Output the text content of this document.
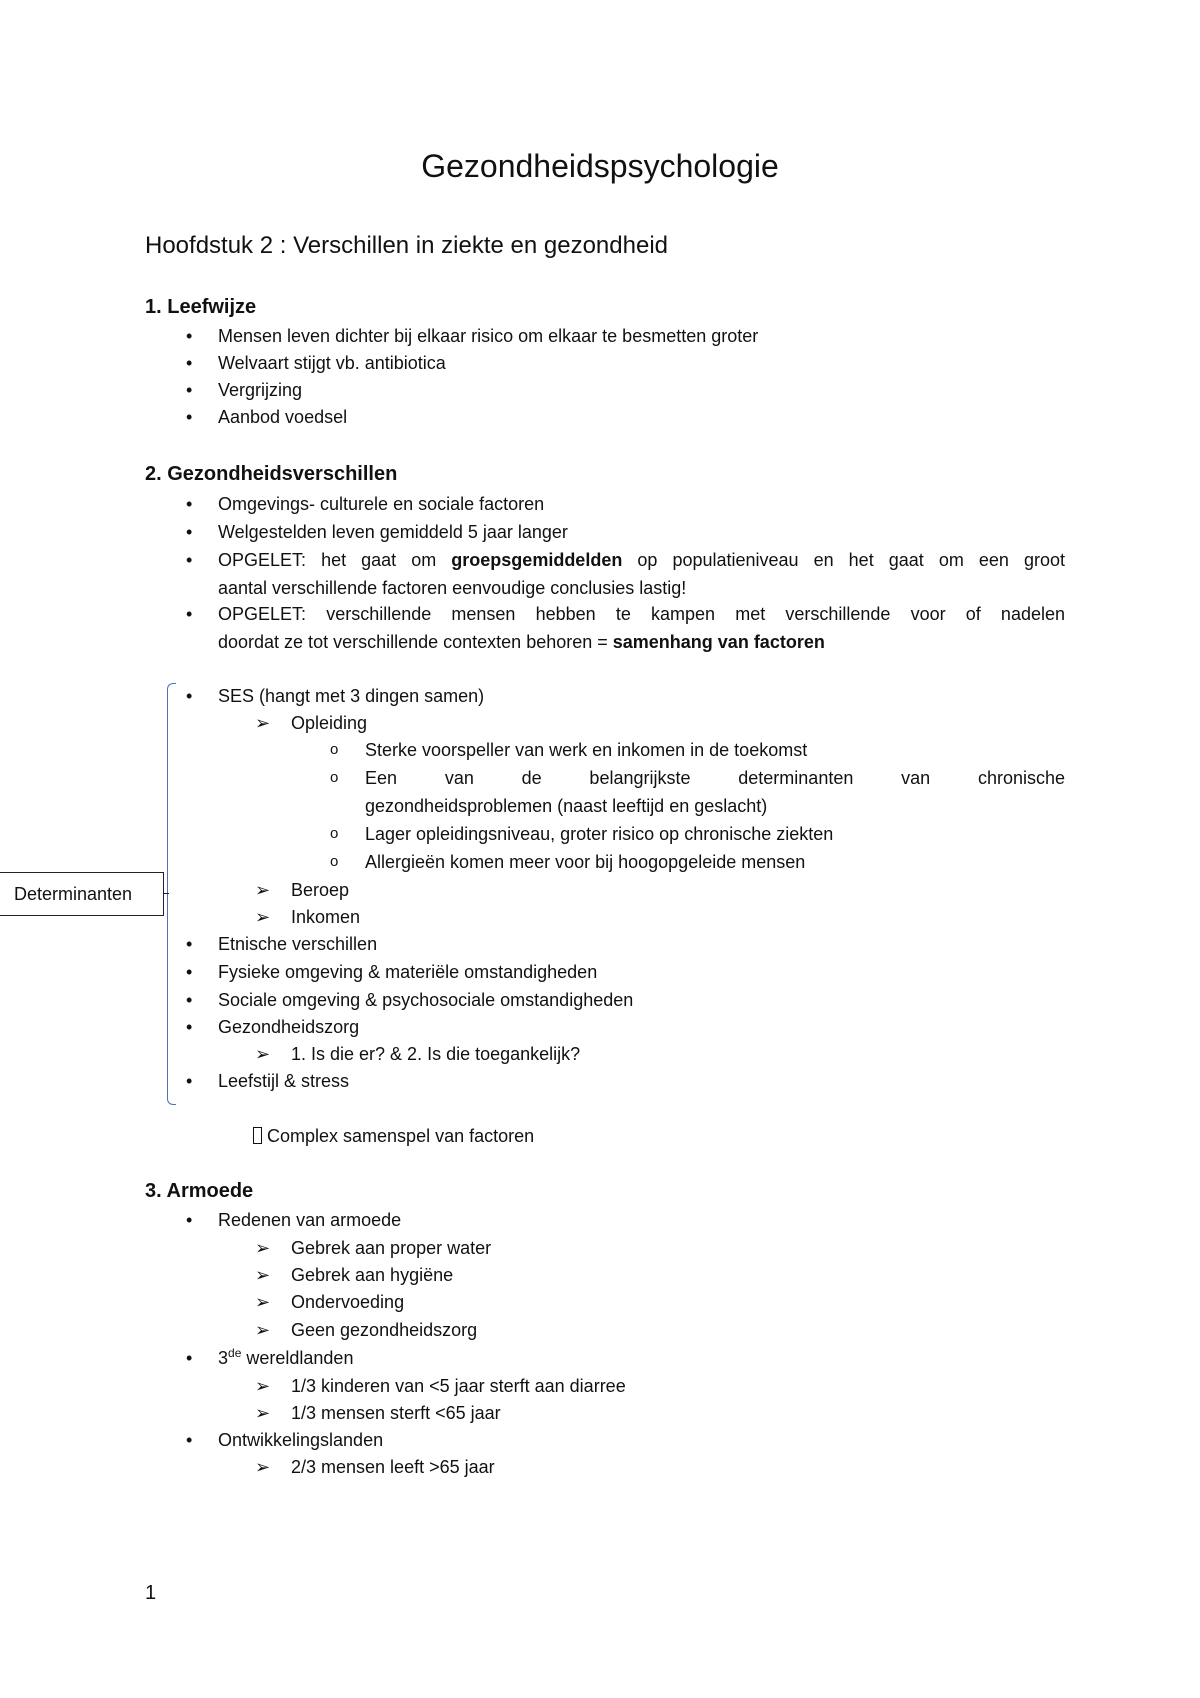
Gezondheidspsychologie
Hoofdstuk 2 : Verschillen in ziekte en gezondheid
1. Leefwijze
• Mensen leven dichter bij elkaar risico om elkaar te besmetten groter
• Welvaart stijgt vb. antibiotica
• Vergrijzing
• Aanbod voedsel
2. Gezondheidsverschillen
• Omgevings- culturele en sociale factoren
• Welgestelden leven gemiddeld 5 jaar langer
• OPGELET: het gaat om groepsgemiddelden op populatieniveau en het gaat om een groot
aantal verschillende factoren eenvoudige conclusies lastig!
• OPGELET: verschillende mensen hebben te kampen met verschillende voor of nadelen
doordat ze tot verschillende contexten behoren = samenhang van factoren
Determinanten
• SES (hangt met 3 dingen samen)
➢ Opleiding
o Sterke voorspeller van werk en inkomen in de toekomst
o Een van de belangrijkste determinanten van chronische
gezondheidsproblemen (naast leeftijd en geslacht)
o Lager opleidingsniveau, groter risico op chronische ziekten
o Allergieën komen meer voor bij hoogopgeleide mensen
➢ Beroep
➢ Inkomen
• Etnische verschillen
• Fysieke omgeving & materiële omstandigheden
• Sociale omgeving & psychosociale omstandigheden
• Gezondheidszorg
➢ 1. Is die er? & 2. Is die toegankelijk?
• Leefstijl & stress
Complex samenspel van factoren
3. Armoede
• Redenen van armoede
➢ Gebrek aan proper water
➢ Gebrek aan hygiëne
➢ Ondervoeding
➢ Geen gezondheidszorg
• 3de wereldlanden
➢ 1/3 kinderen van <5 jaar sterft aan diarree
➢ 1/3 mensen sterft <65 jaar
• Ontwikkelingslanden
➢ 2/3 mensen leeft >65 jaar
1
